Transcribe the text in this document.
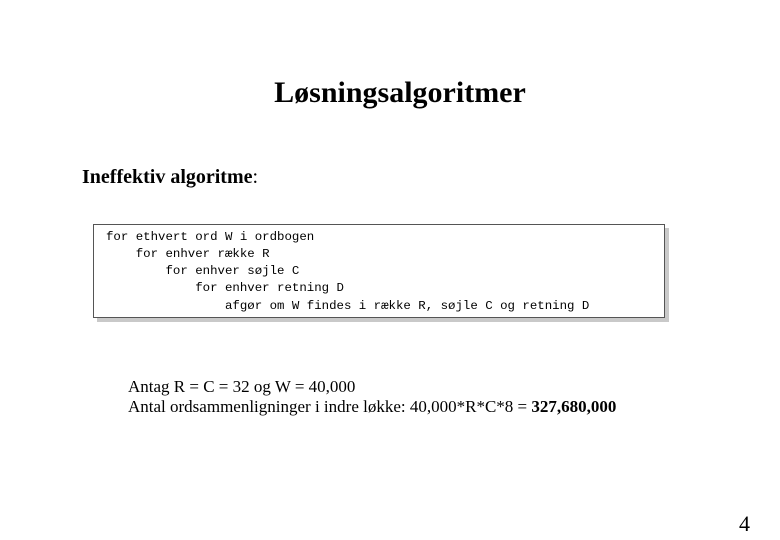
Løsningsalgoritmer
Ineffektiv algoritme:
for ethvert ord W i ordbogen
for enhver række R
for enhver søjle C
for enhver retning D
afgør om W findes i række R, søjle C og retning D
Antag R = C = 32 og W = 40,000
Antal ordsammenligninger i indre løkke: 40,000*R*C*8 = 327,680,000
4
